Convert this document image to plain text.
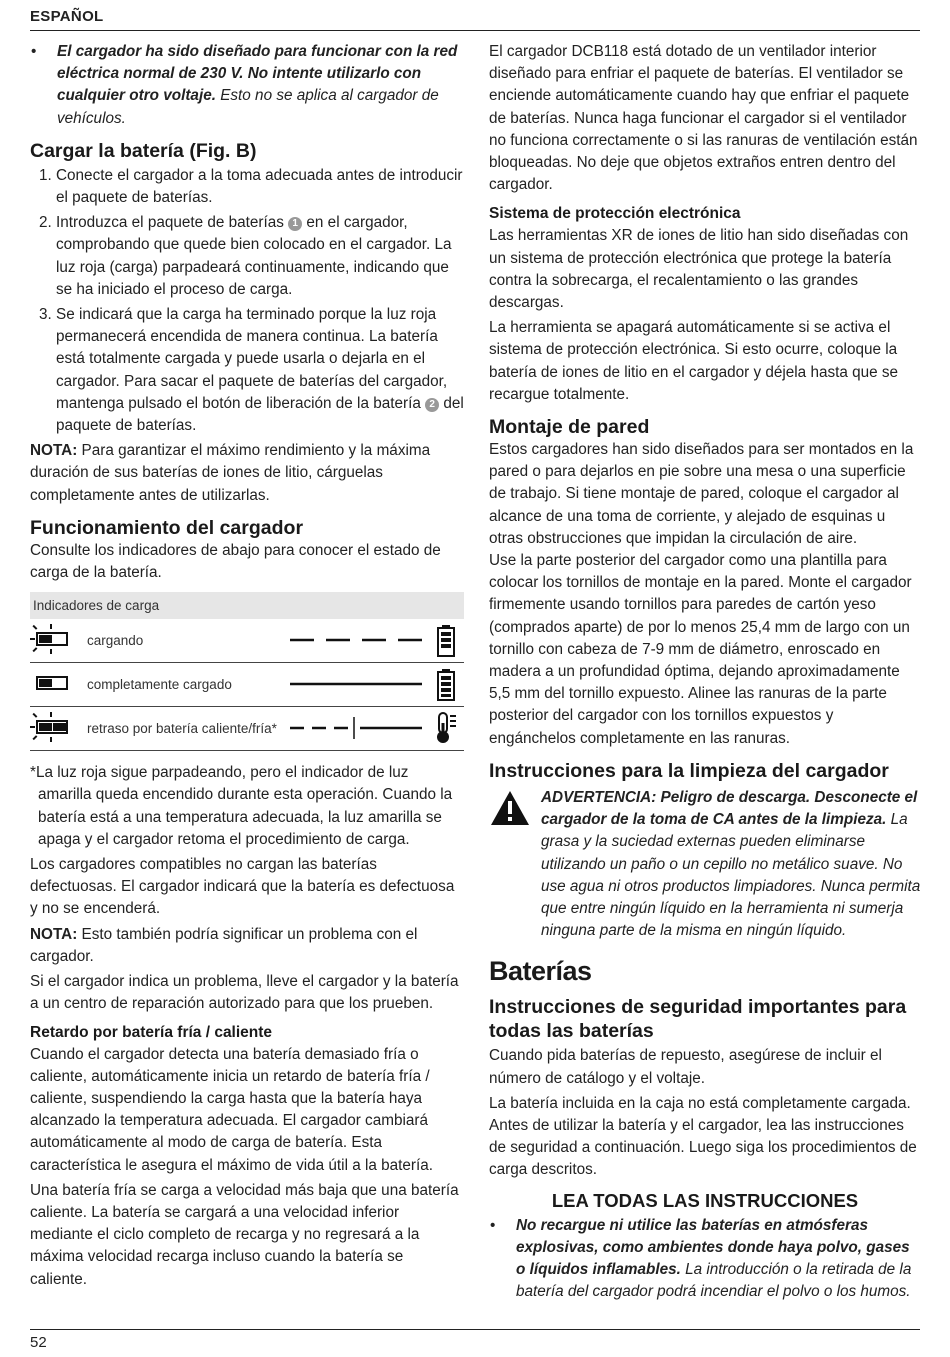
ESPAÑOL
•	El cargador ha sido diseñado para funcionar con la red eléctrica normal de 230 V. No intente utilizarlo con cualquier otro voltaje. Esto no se aplica al cargador de vehículos.
Cargar la batería (Fig. B)
1. Conecte el cargador a la toma adecuada antes de introducir el paquete de baterías.
2. Introduzca el paquete de baterías 1 en el cargador, comprobando que quede bien colocado en el cargador. La luz roja (carga) parpadeará continuamente, indicando que se ha iniciado el proceso de carga.
3. Se indicará que la carga ha terminado porque la luz roja permanecerá encendida de manera continua. La batería está totalmente cargada y puede usarla o dejarla en el cargador. Para sacar el paquete de baterías del cargador, mantenga pulsado el botón de liberación de la batería 2 del paquete de baterías.

NOTA: Para garantizar el máximo rendimiento y la máxima duración de sus baterías de iones de litio, cárguelas completamente antes de utilizarlas.

Funcionamiento del cargador

Consulte los indicadores de abajo para conocer el estado de carga de la batería.

Indicadores de carga
cargando
completamente cargado
retraso por batería caliente/fría*

*La luz roja sigue parpadeando, pero el indicador de luz amarilla queda encendido durante esta operación. Cuando la batería está a una temperatura adecuada, la luz amarilla se apaga y el cargador retoma el procedimiento de carga.

Los cargadores compatibles no cargan las baterías defectuosas. El cargador indicará que la batería es defectuosa y no se encenderá.

NOTA: Esto también podría significar un problema con el cargador.

Si el cargador indica un problema, lleve el cargador y la batería a un centro de reparación autorizado para que los prueben.

Retardo por batería fría / caliente

Cuando el cargador detecta una batería demasiado fría o caliente, automáticamente inicia un retardo de batería fría / caliente, suspendiendo la carga hasta que la batería haya alcanzado la temperatura adecuada. El cargador cambiará automáticamente al modo de carga de batería. Esta característica le asegura el máximo de vida útil a la batería.

Una batería fría se carga a velocidad más baja que una batería caliente. La batería se cargará a una velocidad inferior mediante el ciclo completo de recarga y no regresará a la máxima velocidad recarga incluso cuando la batería se caliente.

El cargador DCB118 está dotado de un ventilador interior diseñado para enfriar el paquete de baterías. El ventilador se enciende automáticamente cuando hay que enfriar el paquete de baterías. Nunca haga funcionar el cargador si el ventilador no funciona correctamente o si las ranuras de ventilación están bloqueadas. No deje que objetos extraños entren dentro del cargador.

Sistema de protección electrónica

Las herramientas XR de iones de litio han sido diseñadas con un sistema de protección electrónica que protege la batería contra la sobrecarga, el recalentamiento o las grandes descargas.

La herramienta se apagará automáticamente si se activa el sistema de protección electrónica. Si esto ocurre, coloque la batería de iones de litio en el cargador y déjela hasta que se recargue totalmente.

Montaje de pared

Estos cargadores han sido diseñados para ser montados en la pared o para dejarlos en pie sobre una mesa o una superficie de trabajo. Si tiene montaje de pared, coloque el cargador al alcance de una toma de corriente, y alejado de esquinas u otras obstrucciones que impidan la circulación de aire.

Use la parte posterior del cargador como una plantilla para colocar los tornillos de montaje en la pared. Monte el cargador firmemente usando tornillos para paredes de cartón yeso (comprados aparte) de por lo menos 25,4 mm de largo con un tornillo con cabeza de 7-9 mm de diámetro, enroscado en madera a un profundidad óptima, dejando aproximadamente 5,5 mm del tornillo expuesto. Alinee las ranuras de la parte posterior del cargador con los tornillos expuestos y engánchelos completamente en las ranuras.

Instrucciones para la limpieza del cargador
ADVERTENCIA: Peligro de descarga. Desconecte el cargador de la toma de CA antes de la limpieza. La grasa y la suciedad externas pueden eliminarse utilizando un paño o un cepillo no metálico suave. No use agua ni otros productos limpiadores. Nunca permita que entre ningún líquido en la herramienta ni sumerja ninguna parte de la misma en ningún líquido.
Baterías
Instrucciones de seguridad importantes para todas las baterías

Cuando pida baterías de repuesto, asegúrese de incluir el número de catálogo y el voltaje.

La batería incluida en la caja no está completamente cargada. Antes de utilizar la batería y el cargador, lea las instrucciones de seguridad a continuación. Luego siga los procedimientos de carga descritos.

LEA TODAS LAS INSTRUCCIONES
•	No recargue ni utilice las baterías en atmósferas explosivas, como ambientes donde haya polvo, gases o líquidos inflamables. La introducción o la retirada de la batería del cargador podrá incendiar el polvo o los humos.
52
